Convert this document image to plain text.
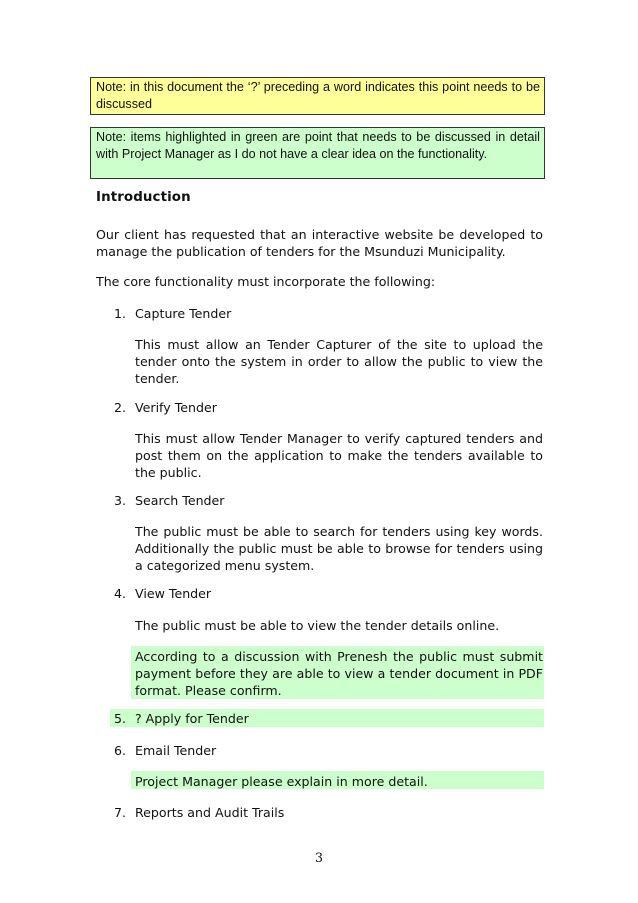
Note: in this document the ‘?’ preceding a word indicates this point needs to be discussed
Note: items highlighted in green are point that needs to be discussed in detail with Project Manager as I do not have a clear idea on the functionality.
Introduction
Our client has requested that an interactive website be developed to manage the publication of tenders for the Msunduzi Municipality.
The core functionality must incorporate the following:
1. Capture Tender
This must allow an Tender Capturer of the site to upload the tender onto the system in order to allow the public to view the tender.
2. Verify Tender
This must allow Tender Manager to verify captured tenders and post them on the application to make the tenders available to the public.
3. Search Tender
The public must be able to search for tenders using key words. Additionally the public must be able to browse for tenders using a categorized menu system.
4. View Tender
The public must be able to view the tender details online.
According to a discussion with Prenesh the public must submit payment before they are able to view a tender document in PDF format. Please confirm.
5. ? Apply for Tender
6. Email Tender
Project Manager please explain in more detail.
7. Reports and Audit Trails
3
